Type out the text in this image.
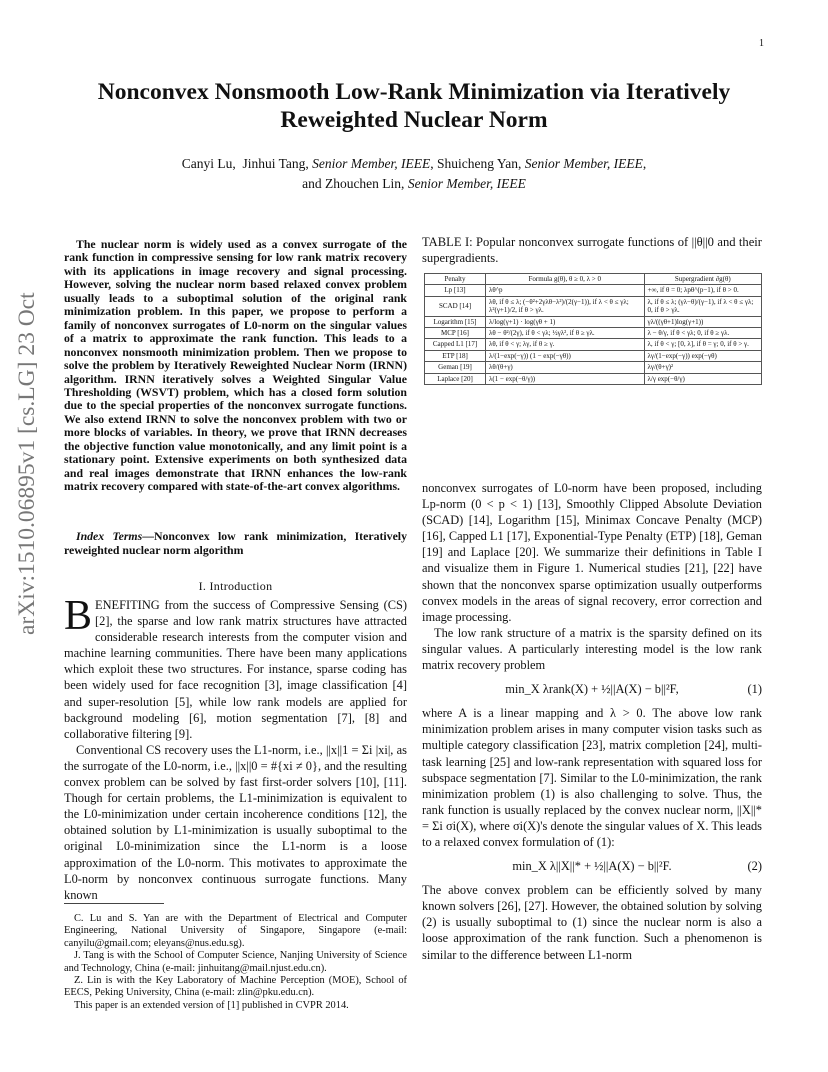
1
arXiv:1510.06895v1 [cs.LG] 23 Oct 2015
Nonconvex Nonsmooth Low-Rank Minimization via Iteratively
Reweighted Nuclear Norm
Canyi Lu,  Jinhui Tang, Senior Member, IEEE, Shuicheng Yan, Senior Member, IEEE,
and Zhouchen Lin, Senior Member, IEEE

The nuclear norm is widely used as a convex surrogate of the rank function in compressive sensing for low rank matrix recovery with its applications in image recovery and signal processing. However, solving the nuclear norm based relaxed convex problem usually leads to a suboptimal solution of the original rank minimization problem. In this paper, we propose to perform a family of nonconvex surrogates of L0-norm on the singular values of a matrix to approximate the rank function. This leads to a nonconvex nonsmooth minimization problem. Then we propose to solve the problem by Iteratively Reweighted Nuclear Norm (IRNN) algorithm. IRNN iteratively solves a Weighted Singular Value Thresholding (WSVT) problem, which has a closed form solution due to the special properties of the nonconvex surrogate functions. We also extend IRNN to solve the nonconvex problem with two or more blocks of variables. In theory, we prove that IRNN decreases the objective function value monotonically, and any limit point is a stationary point. Extensive experiments on both synthesized data and real images demonstrate that IRNN enhances the low-rank matrix recovery compared with state-of-the-art convex algorithms.

Index Terms—Nonconvex low rank minimization, Iteratively reweighted nuclear norm algorithm

I. Introduction

BENEFITING from the success of Compressive Sensing (CS) [2], the sparse and low rank matrix structures have attracted considerable research interests from the computer vision and machine learning communities. There have been many applications which exploit these two structures. For instance, sparse coding has been widely used for face recognition [3], image classification [4] and super-resolution [5], while low rank models are applied for background modeling [6], motion segmentation [7], [8] and collaborative filtering [9].

Conventional CS recovery uses the L1-norm, i.e., ||x||1 = Σi |xi|, as the surrogate of the L0-norm, i.e., ||x||0 = #{xi ≠ 0}, and the resulting convex problem can be solved by fast first-order solvers [10], [11]. Though for certain problems, the L1-minimization is equivalent to the L0-minimization under certain incoherence conditions [12], the obtained solution by L1-minimization is usually suboptimal to the original L0-minimization since the L1-norm is a loose approximation of the L0-norm. This motivates to approximate the L0-norm by nonconvex continuous surrogate functions. Many known

C. Lu and S. Yan are with the Department of Electrical and Computer Engineering, National University of Singapore, Singapore (e-mail: canyilu@gmail.com; eleyans@nus.edu.sg).

J. Tang is with the School of Computer Science, Nanjing University of Science and Technology, China (e-mail: jinhuitang@mail.njust.edu.cn).

Z. Lin is with the Key Laboratory of Machine Perception (MOE), School of EECS, Peking University, China (e-mail: zlin@pku.edu.cn).

This paper is an extended version of [1] published in CVPR 2014.

TABLE I: Popular nonconvex surrogate functions of ||θ||0 and their supergradients.
Penalty	Formula g(θ), θ ≥ 0, λ > 0	Supergradient ∂g(θ)
Lp [13]	λθ^p	+∞, if θ = 0; λpθ^(p−1), if θ > 0.
SCAD [14]	λθ, if θ ≤ λ; (−θ²+2γλθ−λ²)/(2(γ−1)), if λ < θ ≤ γλ; λ²(γ+1)/2, if θ > γλ.	λ, if θ ≤ λ; (γλ−θ)/(γ−1), if λ < θ ≤ γλ; 0, if θ > γλ.
Logarithm [15]	λ/log(γ+1) · log(γθ + 1)	γλ/((γθ+1)log(γ+1))
MCP [16]	λθ − θ²/(2γ), if θ < γλ; ½γλ², if θ ≥ γλ.	λ − θ/γ, if θ < γλ; 0, if θ ≥ γλ.
Capped L1 [17]	λθ, if θ < γ; λγ, if θ ≥ γ.	λ, if θ < γ; [0, λ], if θ = γ; 0, if θ > γ.
ETP [18]	λ/(1−exp(−γ)) (1 − exp(−γθ))	λγ/(1−exp(−γ)) exp(−γθ)
Geman [19]	λθ/(θ+γ)	λγ/(θ+γ)²
Laplace [20]	λ(1 − exp(−θ/γ))	λ/γ exp(−θ/γ)

nonconvex surrogates of L0-norm have been proposed, including Lp-norm (0 < p < 1) [13], Smoothly Clipped Absolute Deviation (SCAD) [14], Logarithm [15], Minimax Concave Penalty (MCP) [16], Capped L1 [17], Exponential-Type Penalty (ETP) [18], Geman [19] and Laplace [20]. We summarize their definitions in Table I and visualize them in Figure 1. Numerical studies [21], [22] have shown that the nonconvex sparse optimization usually outperforms convex models in the areas of signal recovery, error correction and image processing.

The low rank structure of a matrix is the sparsity defined on its singular values. A particularly interesting model is the low rank matrix recovery problem

min_X λrank(X) + ½||A(X) − b||²F,	(1)

where A is a linear mapping and λ > 0. The above low rank minimization problem arises in many computer vision tasks such as multiple category classification [23], matrix completion [24], multi-task learning [25] and low-rank representation with squared loss for subspace segmentation [7]. Similar to the L0-minimization, the rank minimization problem (1) is also challenging to solve. Thus, the rank function is usually replaced by the convex nuclear norm, ||X||* = Σi σi(X), where σi(X)'s denote the singular values of X. This leads to a relaxed convex formulation of (1):

min_X λ||X||* + ½||A(X) − b||²F.	(2)

The above convex problem can be efficiently solved by many known solvers [26], [27]. However, the obtained solution by solving (2) is usually suboptimal to (1) since the nuclear norm is also a loose approximation of the rank function. Such a phenomenon is similar to the difference between L1-norm
